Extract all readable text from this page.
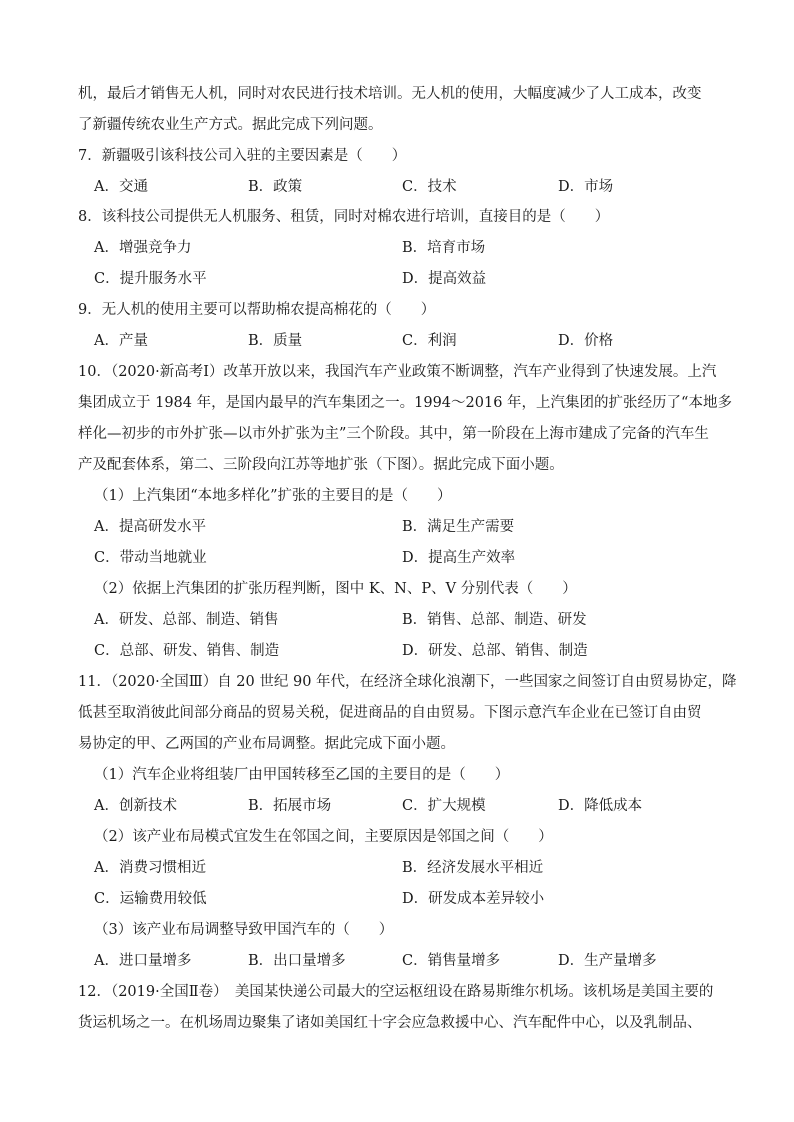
机，最后才销售无人机，同时对农民进行技术培训。无人机的使用，大幅度减少了人工成本，改变
了新疆传统农业生产方式。据此完成下列问题。
7．新疆吸引该科技公司入驻的主要因素是（　　）
A．交通	B．政策	C．技术	D．市场
8．该科技公司提供无人机服务、租赁，同时对棉农进行培训，直接目的是（　　）
A．增强竞争力	B．培育市场
C．提升服务水平	D．提高效益
9．无人机的使用主要可以帮助棉农提高棉花的（　　）
A．产量	B．质量	C．利润	D．价格
10．（2020·新高考Ⅰ）改革开放以来，我国汽车产业政策不断调整，汽车产业得到了快速发展。上汽
集团成立于 1984 年，是国内最早的汽车集团之一。1994～2016 年，上汽集团的扩张经历了“本地多
样化—初步的市外扩张—以市外扩张为主”三个阶段。其中，第一阶段在上海市建成了完备的汽车生
产及配套体系，第二、三阶段向江苏等地扩张（下图）。据此完成下面小题。
（1）上汽集团“本地多样化”扩张的主要目的是（　　）
A．提高研发水平	B．满足生产需要
C．带动当地就业	D．提高生产效率
（2）依据上汽集团的扩张历程判断，图中 K、N、P、V 分别代表（　　）
A．研发、总部、制造、销售	B．销售、总部、制造、研发
C．总部、研发、销售、制造	D．研发、总部、销售、制造
11．（2020·全国Ⅲ）自 20 世纪 90 年代，在经济全球化浪潮下，一些国家之间签订自由贸易协定，降
低甚至取消彼此间部分商品的贸易关税，促进商品的自由贸易。下图示意汽车企业在已签订自由贸
易协定的甲、乙两国的产业布局调整。据此完成下面小题。
（1）汽车企业将组装厂由甲国转移至乙国的主要目的是（　　）
A．创新技术	B．拓展市场	C．扩大规模	D．降低成本
（2）该产业布局模式宜发生在邻国之间，主要原因是邻国之间（　　）
A．消费习惯相近	B．经济发展水平相近
C．运输费用较低	D．研发成本差异较小
（3）该产业布局调整导致甲国汽车的（　　）
A．进口量增多	B．出口量增多	C．销售量增多	D．生产量增多
12．（2019·全国Ⅱ卷）　美国某快递公司最大的空运枢纽设在路易斯维尔机场。该机场是美国主要的
货运机场之一。在机场周边聚集了诸如美国红十字会应急救援中心、汽车配件中心，以及乳制品、
